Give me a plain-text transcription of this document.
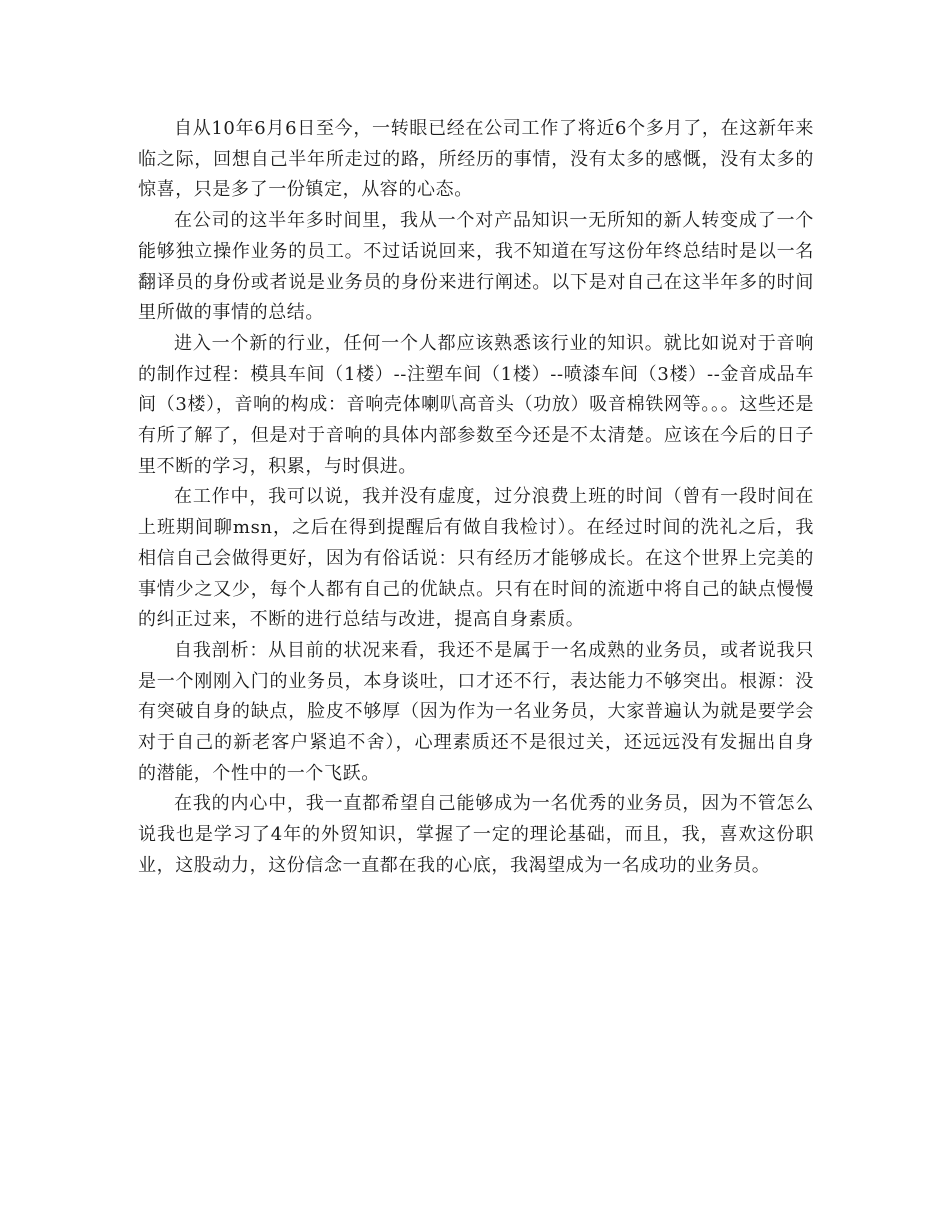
自从10年6月6日至今，一转眼已经在公司工作了将近6个多月了，在这新年来临之际，回想自己半年所走过的路，所经历的事情，没有太多的感慨，没有太多的惊喜，只是多了一份镇定，从容的心态。

在公司的这半年多时间里，我从一个对产品知识一无所知的新人转变成了一个能够独立操作业务的员工。不过话说回来，我不知道在写这份年终总结时是以一名翻译员的身份或者说是业务员的身份来进行阐述。以下是对自己在这半年多的时间里所做的事情的总结。

进入一个新的行业，任何一个人都应该熟悉该行业的知识。就比如说对于音响的制作过程：模具车间（1楼）--注塑车间（1楼）--喷漆车间（3楼）--金音成品车间（3楼），音响的构成：音响壳体喇叭高音头（功放）吸音棉铁网等。。。这些还是有所了解了，但是对于音响的具体内部参数至今还是不太清楚。应该在今后的日子里不断的学习，积累，与时俱进。

在工作中，我可以说，我并没有虚度，过分浪费上班的时间（曾有一段时间在上班期间聊msn，之后在得到提醒后有做自我检讨）。在经过时间的洗礼之后，我相信自己会做得更好，因为有俗话说：只有经历才能够成长。在这个世界上完美的事情少之又少，每个人都有自己的优缺点。只有在时间的流逝中将自己的缺点慢慢的纠正过来，不断的进行总结与改进，提高自身素质。

自我剖析：从目前的状况来看，我还不是属于一名成熟的业务员，或者说我只是一个刚刚入门的业务员，本身谈吐，口才还不行，表达能力不够突出。根源：没有突破自身的缺点，脸皮不够厚（因为作为一名业务员，大家普遍认为就是要学会对于自己的新老客户紧追不舍），心理素质还不是很过关，还远远没有发掘出自身的潜能，个性中的一个飞跃。

在我的内心中，我一直都希望自己能够成为一名优秀的业务员，因为不管怎么说我也是学习了4年的外贸知识，掌握了一定的理论基础，而且，我，喜欢这份职业，这股动力，这份信念一直都在我的心底，我渴望成为一名成功的业务员。
